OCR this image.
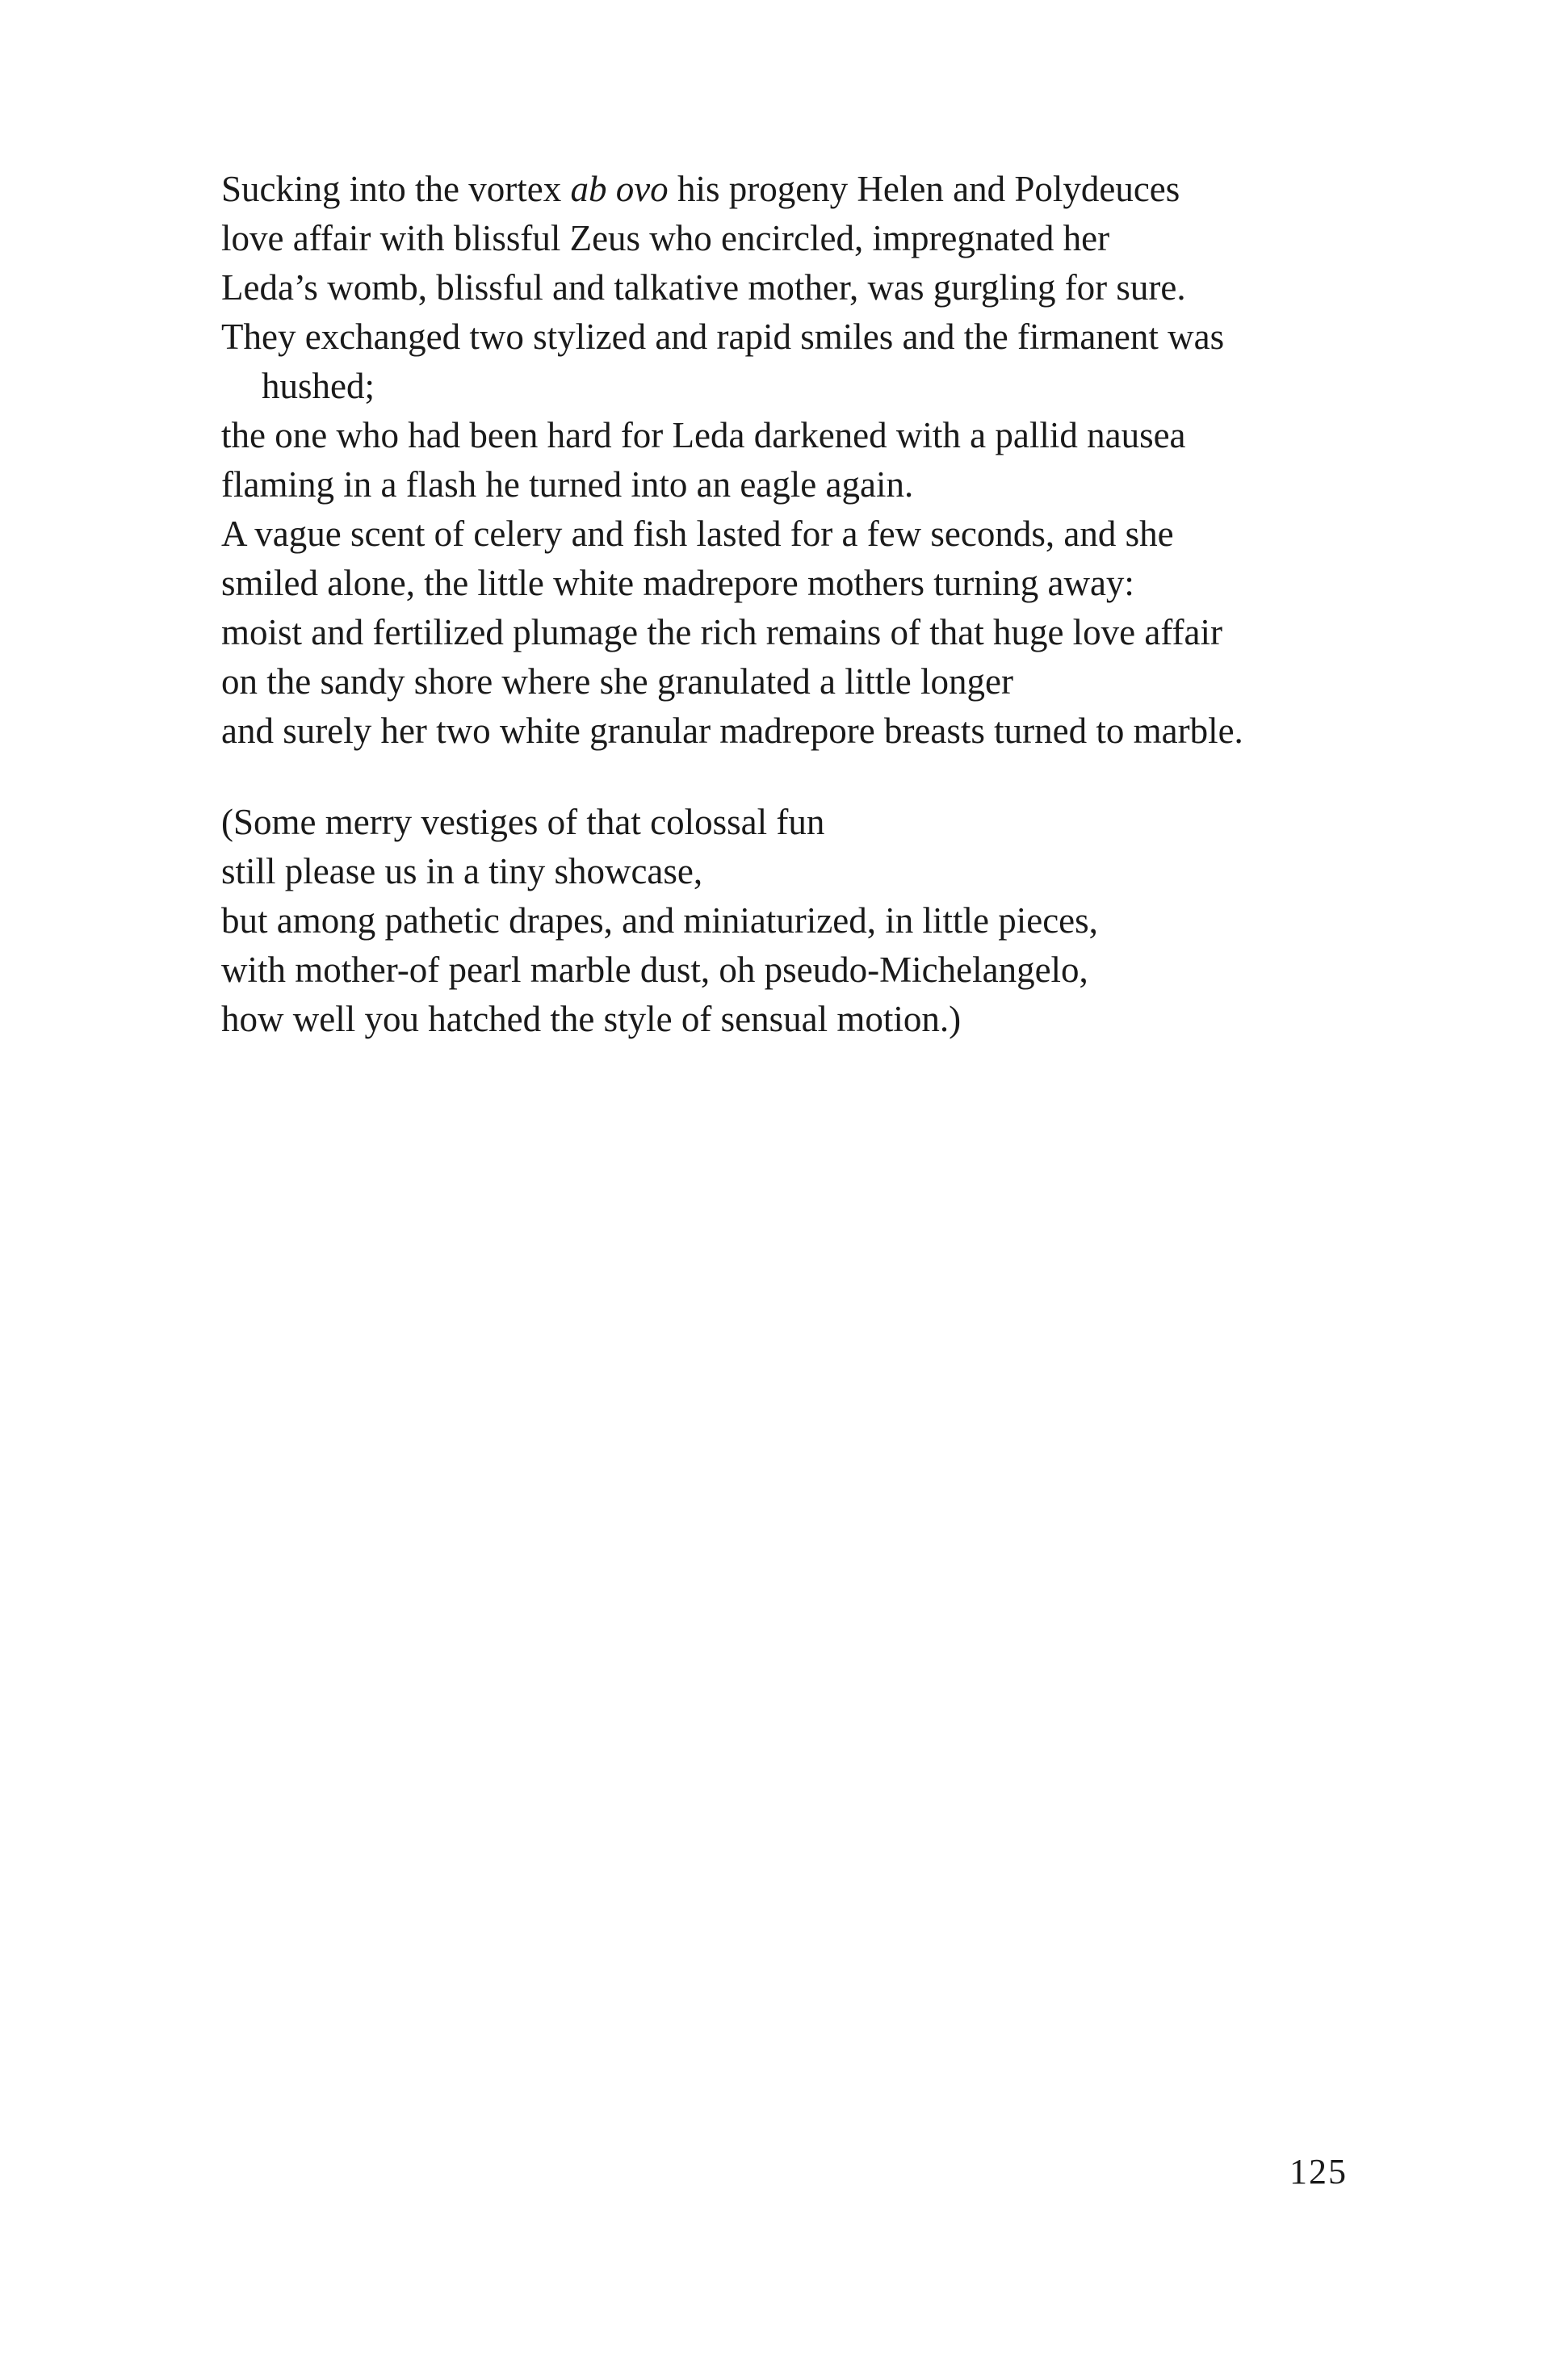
Sucking into the vortex ab ovo his progeny Helen and Polydeuces
love affair with blissful Zeus who encircled, impregnated her
Leda’s womb, blissful and talkative mother, was gurgling for sure.
They exchanged two stylized and rapid smiles and the firmanent was
hushed;
the one who had been hard for Leda darkened with a pallid nausea
flaming in a flash he turned into an eagle again.
A vague scent of celery and fish lasted for a few seconds, and she
smiled alone, the little white madrepore mothers turning away:
moist and fertilized plumage the rich remains of that huge love affair
on the sandy shore where she granulated a little longer
and surely her two white granular madrepore breasts turned to marble.
(Some merry vestiges of that colossal fun
still please us in a tiny showcase,
but among pathetic drapes, and miniaturized, in little pieces,
with mother-of pearl marble dust, oh pseudo-Michelangelo,
how well you hatched the style of sensual motion.)
125
